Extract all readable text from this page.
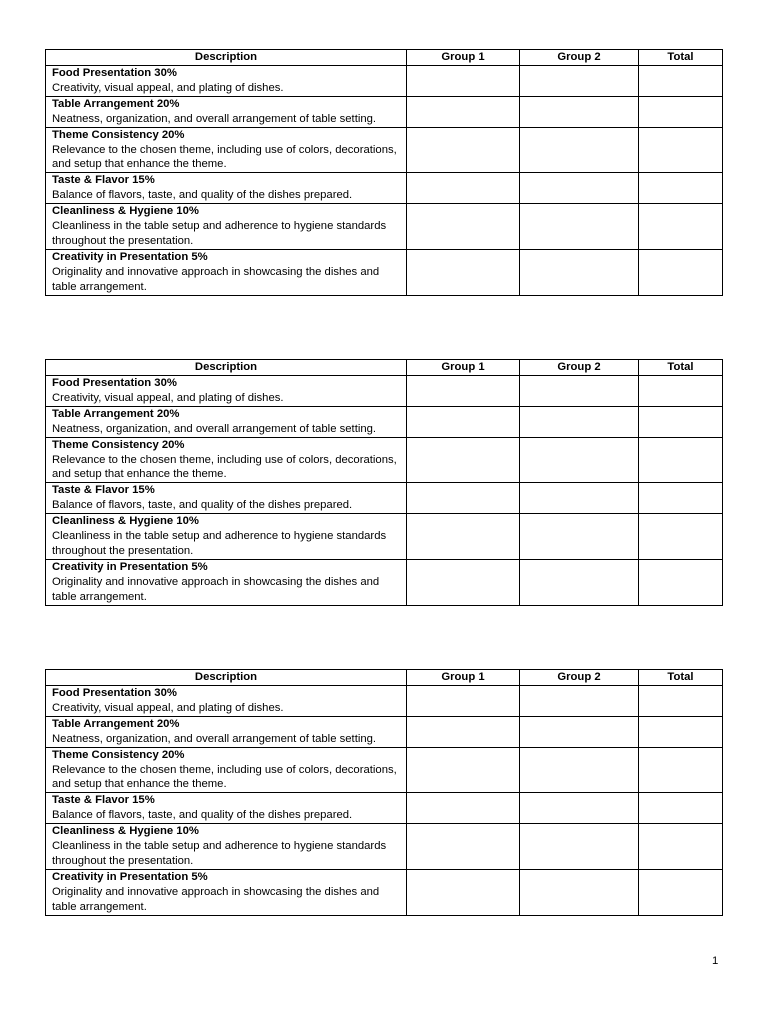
Description	Group 1	Group 2	Total

Food Presentation 30%
Creativity, visual appeal, and plating of dishes.			

Table Arrangement 20%
Neatness, organization, and overall arrangement of table setting.			

Theme Consistency 20%
Relevance to the chosen theme, including use of colors, decorations, and setup that enhance the theme.			

Taste & Flavor 15%
Balance of flavors, taste, and quality of the dishes prepared.			

Cleanliness & Hygiene 10%
Cleanliness in the table setup and adherence to hygiene standards throughout the presentation.			

Creativity in Presentation 5%
Originality and innovative approach in showcasing the dishes and table arrangement.			

Description	Group 1	Group 2	Total

Food Presentation 30%
Creativity, visual appeal, and plating of dishes.			

Table Arrangement 20%
Neatness, organization, and overall arrangement of table setting.			

Theme Consistency 20%
Relevance to the chosen theme, including use of colors, decorations, and setup that enhance the theme.			

Taste & Flavor 15%
Balance of flavors, taste, and quality of the dishes prepared.			

Cleanliness & Hygiene 10%
Cleanliness in the table setup and adherence to hygiene standards throughout the presentation.			

Creativity in Presentation 5%
Originality and innovative approach in showcasing the dishes and table arrangement.			

Description	Group 1	Group 2	Total

Food Presentation 30%
Creativity, visual appeal, and plating of dishes.			

Table Arrangement 20%
Neatness, organization, and overall arrangement of table setting.			

Theme Consistency 20%
Relevance to the chosen theme, including use of colors, decorations, and setup that enhance the theme.			

Taste & Flavor 15%
Balance of flavors, taste, and quality of the dishes prepared.			

Cleanliness & Hygiene 10%
Cleanliness in the table setup and adherence to hygiene standards throughout the presentation.			

Creativity in Presentation 5%
Originality and innovative approach in showcasing the dishes and table arrangement.			

1
